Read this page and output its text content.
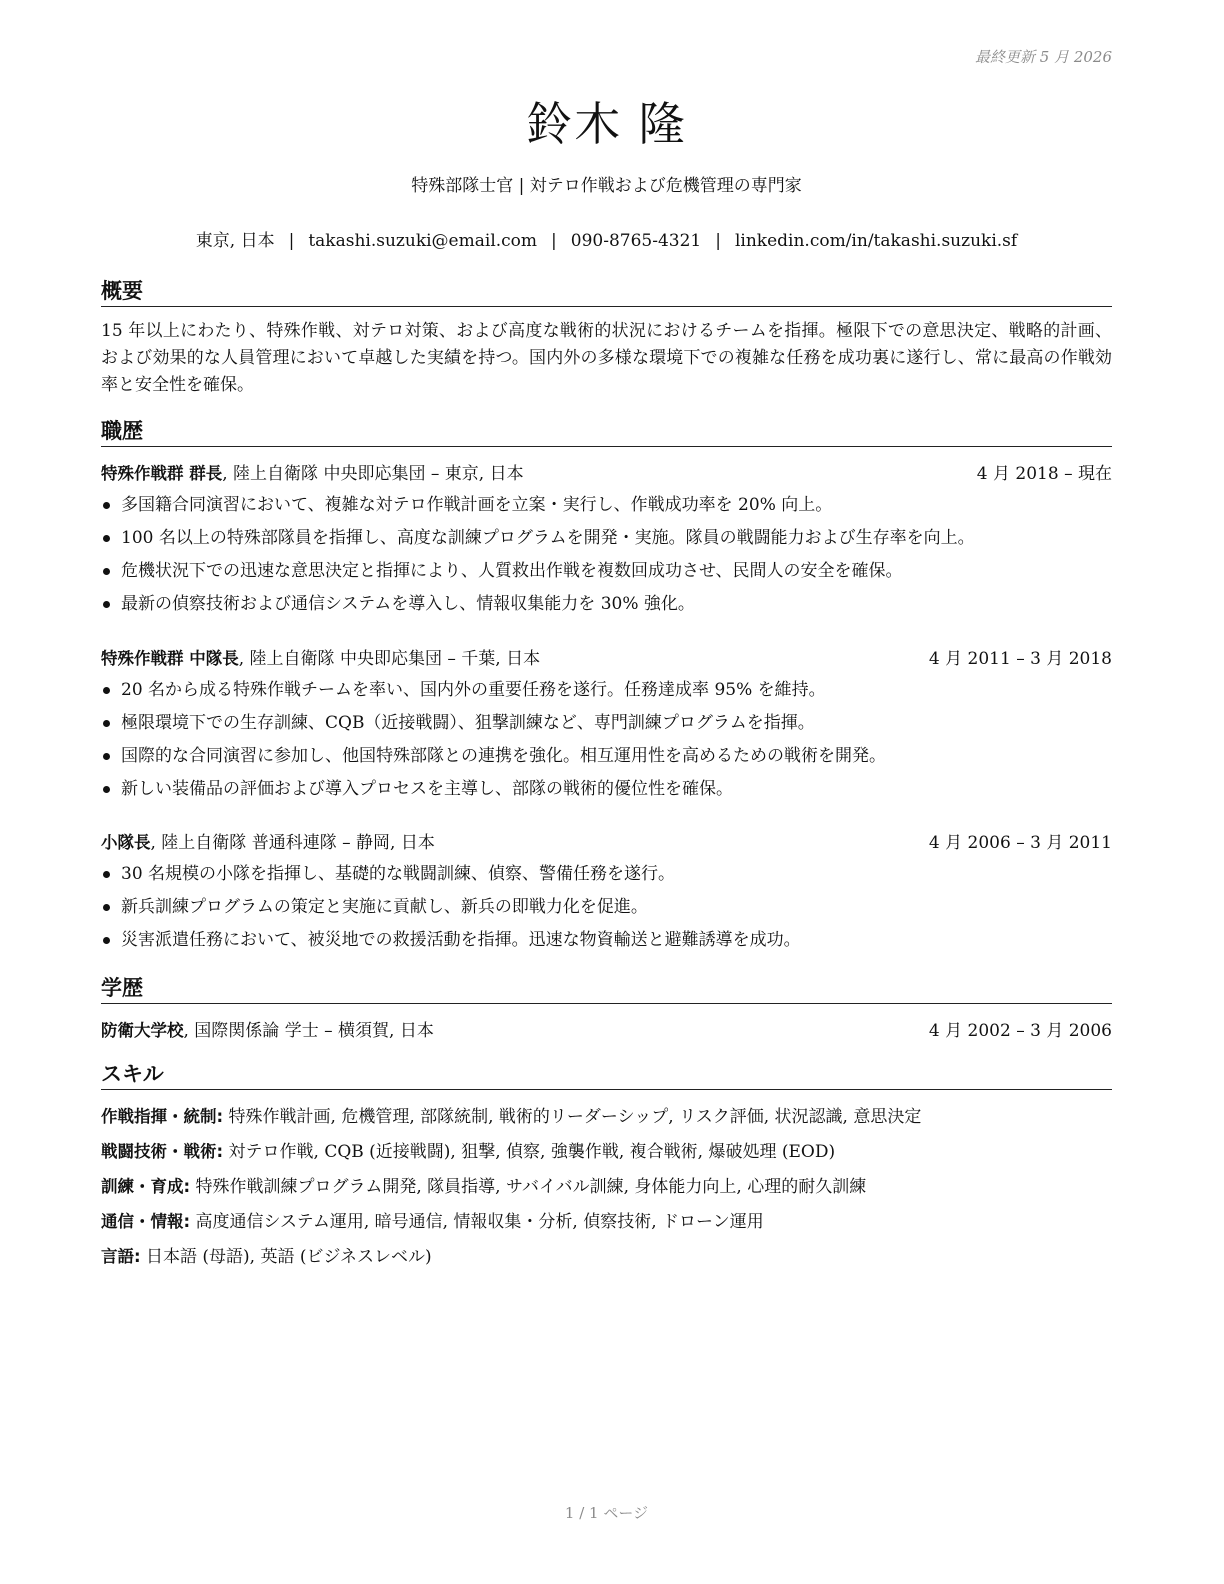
最終更新 5 月 2026
鈴木 隆
特殊部隊士官 | 対テロ作戦および危機管理の専門家
東京, 日本 | takashi.suzuki@email.com | 090-8765-4321 | linkedin.com/in/takashi.suzuki.sf
概要
15 年以上にわたり、特殊作戦、対テロ対策、および高度な戦術的状況におけるチームを指揮。極限下での意思決定、戦略的計画、および効果的な人員管理において卓越した実績を持つ。国内外の多様な環境下での複雑な任務を成功裏に遂行し、常に最高の作戦効率と安全性を確保。
職歴
特殊作戦群 群長, 陸上自衛隊 中央即応集団 – 東京, 日本	4 月 2018 – 現在
多国籍合同演習において、複雑な対テロ作戦計画を立案・実行し、作戦成功率を 20% 向上。
100 名以上の特殊部隊員を指揮し、高度な訓練プログラムを開発・実施。隊員の戦闘能力および生存率を向上。
危機状況下での迅速な意思決定と指揮により、人質救出作戦を複数回成功させ、民間人の安全を確保。
最新の偵察技術および通信システムを導入し、情報収集能力を 30% 強化。
特殊作戦群 中隊長, 陸上自衛隊 中央即応集団 – 千葉, 日本	4 月 2011 – 3 月 2018
20 名から成る特殊作戦チームを率い、国内外の重要任務を遂行。任務達成率 95% を維持。
極限環境下での生存訓練、CQB（近接戦闘）、狙撃訓練など、専門訓練プログラムを指揮。
国際的な合同演習に参加し、他国特殊部隊との連携を強化。相互運用性を高めるための戦術を開発。
新しい装備品の評価および導入プロセスを主導し、部隊の戦術的優位性を確保。
小隊長, 陸上自衛隊 普通科連隊 – 静岡, 日本	4 月 2006 – 3 月 2011
30 名規模の小隊を指揮し、基礎的な戦闘訓練、偵察、警備任務を遂行。
新兵訓練プログラムの策定と実施に貢献し、新兵の即戦力化を促進。
災害派遣任務において、被災地での救援活動を指揮。迅速な物資輸送と避難誘導を成功。
学歴
防衛大学校, 国際関係論 学士 – 横須賀, 日本	4 月 2002 – 3 月 2006
スキル
作戦指揮・統制: 特殊作戦計画, 危機管理, 部隊統制, 戦術的リーダーシップ, リスク評価, 状況認識, 意思決定
戦闘技術・戦術: 対テロ作戦, CQB (近接戦闘), 狙撃, 偵察, 強襲作戦, 複合戦術, 爆破処理 (EOD)
訓練・育成: 特殊作戦訓練プログラム開発, 隊員指導, サバイバル訓練, 身体能力向上, 心理的耐久訓練
通信・情報: 高度通信システム運用, 暗号通信, 情報収集・分析, 偵察技術, ドローン運用
言語: 日本語 (母語), 英語 (ビジネスレベル)
1 / 1 ページ
